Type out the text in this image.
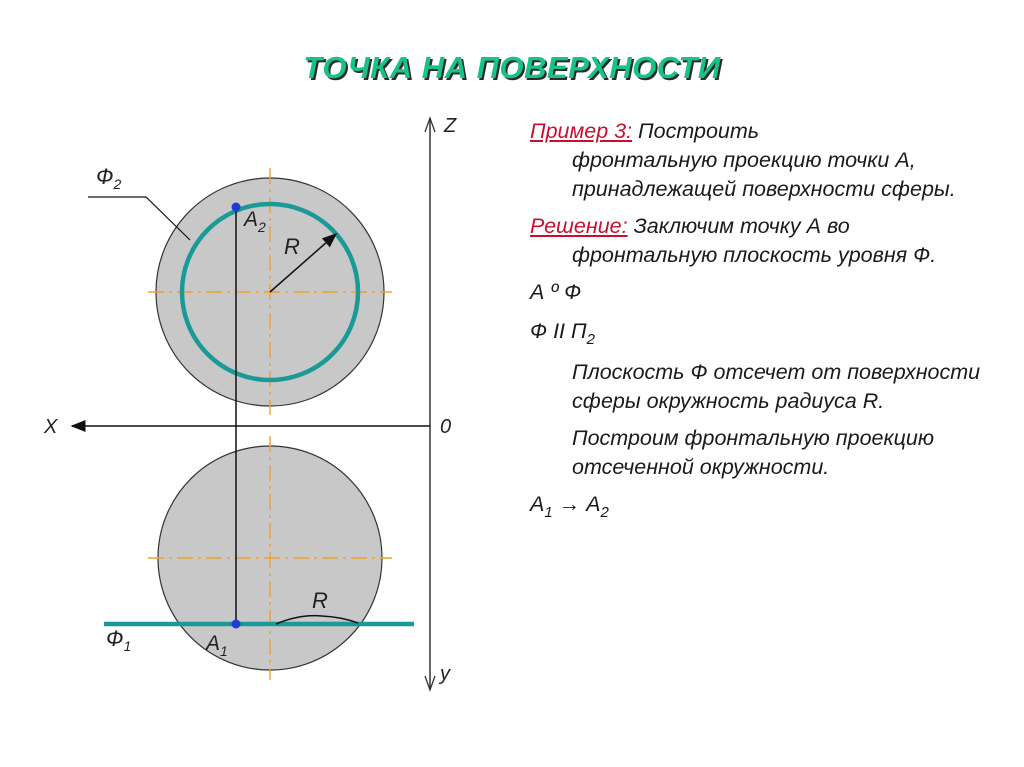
ТОЧКА НА ПОВЕРХНОСТИ
Z
X	0
y
$Ф_2$
$Ф_1$
$A_2$
$A_1$
R
R
Пример 3: Построить
фронтальную проекцию точки А, принадлежащей поверхности сферы.
Решение: Заключим точку А во
фронтальную плоскость уровня Ф.
А º Ф
Ф II $П_2$
Плоскость Ф отсечет от поверхности сферы окружность радиуса R.
Построим фронтальную проекцию отсеченной окружности.
$А_1 \to А_2$
